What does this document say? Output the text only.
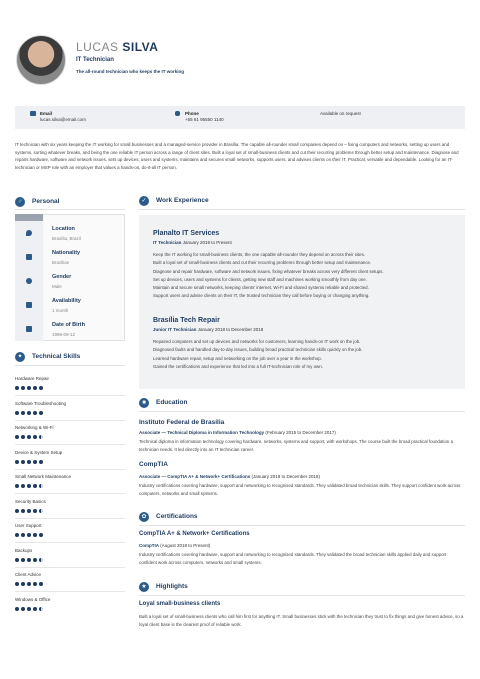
LUCAS SILVA
IT Technician
The all-round technician who keeps the IT working
Email
lucas.silva@email.com
Phone
+55 61 95550 1140
Available on request
IT technician with six years keeping the IT working for small businesses and a managed-service provider in Brasília. The capable all-rounder small companies depend on – fixing computers and networks, setting up users and systems, sorting whatever breaks, and being the one reliable IT person across a range of client sites. Built a loyal set of small-business clients and cut their recurring problems through better setup and maintenance. Diagnose and repairs hardware, software and network issues, sets up devices, users and systems, maintains and secures small networks, supports users, and advises clients on their IT. Practical, versatile and dependable. Looking for an IT-technician or MSP role with an employer that values a hands-on, do-it-all IT person.
♂	Personal
Location
Brasília, Brazil
Nationality
Brazilian
Gender
Male
Availability
1 month
Date of Birth
1996-09-12
✦	Technical Skills
Hardware Repair
Software Troubleshooting
Networking & Wi-Fi
Device & System Setup
Small Network Maintenance
Security Basics
User Support
Backups
Client Advice
Windows & Office
✓	Work Experience
Planalto IT Services
IT Technician January 2019 to Present
Keep the IT working for small-business clients, the one capable all-rounder they depend on across their sites.
Built a loyal set of small-business clients and cut their recurring problems through better setup and maintenance.
Diagnose and repair hardware, software and network issues, fixing whatever breaks across very different client setups.
Set up devices, users and systems for clients, getting new staff and machines working smoothly from day one.
Maintain and secure small networks, keeping clients' internet, Wi-Fi and shared systems reliable and protected.
Support users and advise clients on their IT, the trusted technician they call before buying or changing anything.
Brasília Tech Repair
Junior IT Technician January 2018 to December 2018
Repaired computers and set up devices and networks for customers, learning hands-on IT work on the job.
Diagnosed faults and handled day-to-day issues, building broad practical technician skills quickly on the job.
Learned hardware repair, setup and networking on the job over a year in the workshop.
Gained the certifications and experience that led into a full IT-technician role of my own.
■	Education
Instituto Federal de Brasília
Associate — Technical Diploma in Information Technology (February 2015 to December 2017)
Technical diploma in information technology covering hardware, networks, systems and support, with workshops. The course built the broad practical foundation a technician needs. It led directly into an IT technician career.
CompTIA
Associate — CompTIA A+ & Network+ Certifications (January 2018 to December 2018)
Industry certifications covering hardware, support and networking to recognised standards. They validated broad technician skills. They support confident work across computers, networks and small systems.
✿	Certifications
CompTIA A+ & Network+ Certifications
CompTIA (August 2018 to Present)
Industry certifications covering hardware, support and networking to recognised standards. They validated the broad technician skills applied daily and support confident work across computers, networks and small systems.
★	Highlights
Loyal small-business clients
Built a loyal set of small-business clients who call him first for anything IT. Small businesses stick with the technician they trust to fix things and give honest advice, so a loyal client base is the clearest proof of reliable work.
